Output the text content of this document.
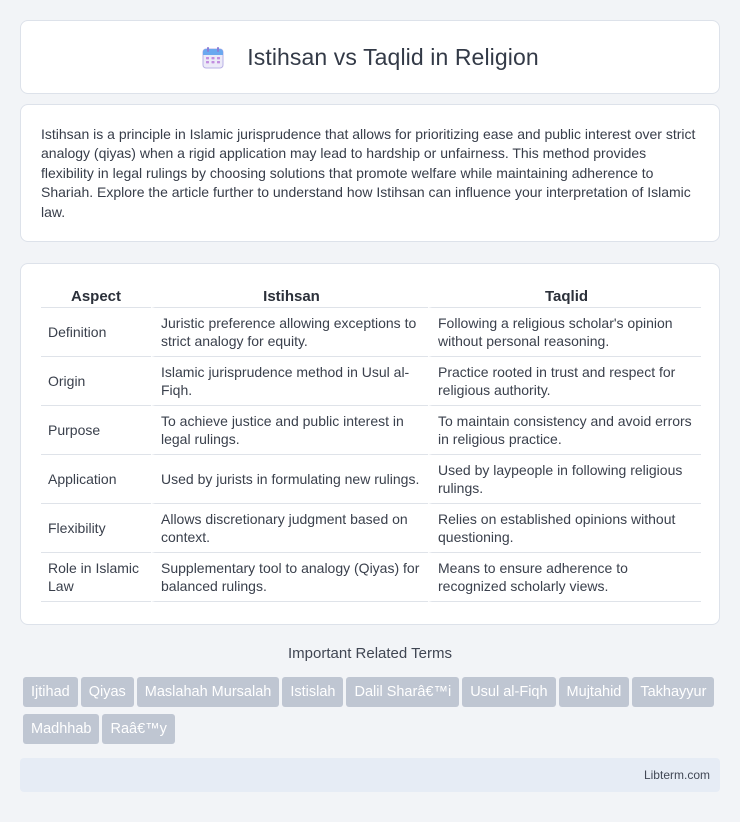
Istihsan vs Taqlid in Religion

Istihsan is a principle in Islamic jurisprudence that allows for prioritizing ease and public interest over strict analogy (qiyas) when a rigid application may lead to hardship or unfairness. This method provides flexibility in legal rulings by choosing solutions that promote welfare while maintaining adherence to Shariah. Explore the article further to understand how Istihsan can influence your interpretation of Islamic law.

Aspect	Istihsan	Taqlid
Definition	Juristic preference allowing exceptions to strict analogy for equity.	Following a religious scholar's opinion without personal reasoning.
Origin	Islamic jurisprudence method in Usul al-Fiqh.	Practice rooted in trust and respect for religious authority.
Purpose	To achieve justice and public interest in legal rulings.	To maintain consistency and avoid errors in religious practice.
Application	Used by jurists in formulating new rulings.	Used by laypeople in following religious rulings.
Flexibility	Allows discretionary judgment based on context.	Relies on established opinions without questioning.
Role in Islamic Law	Supplementary tool to analogy (Qiyas) for balanced rulings.	Means to ensure adherence to recognized scholarly views.
Important Related Terms
Ijtihad Qiyas Maslahah Mursalah Istislah Dalil Sharâ€™i Usul al-Fiqh Mujtahid TakhayyurMadhhab Raâ€™y
Libterm.com
